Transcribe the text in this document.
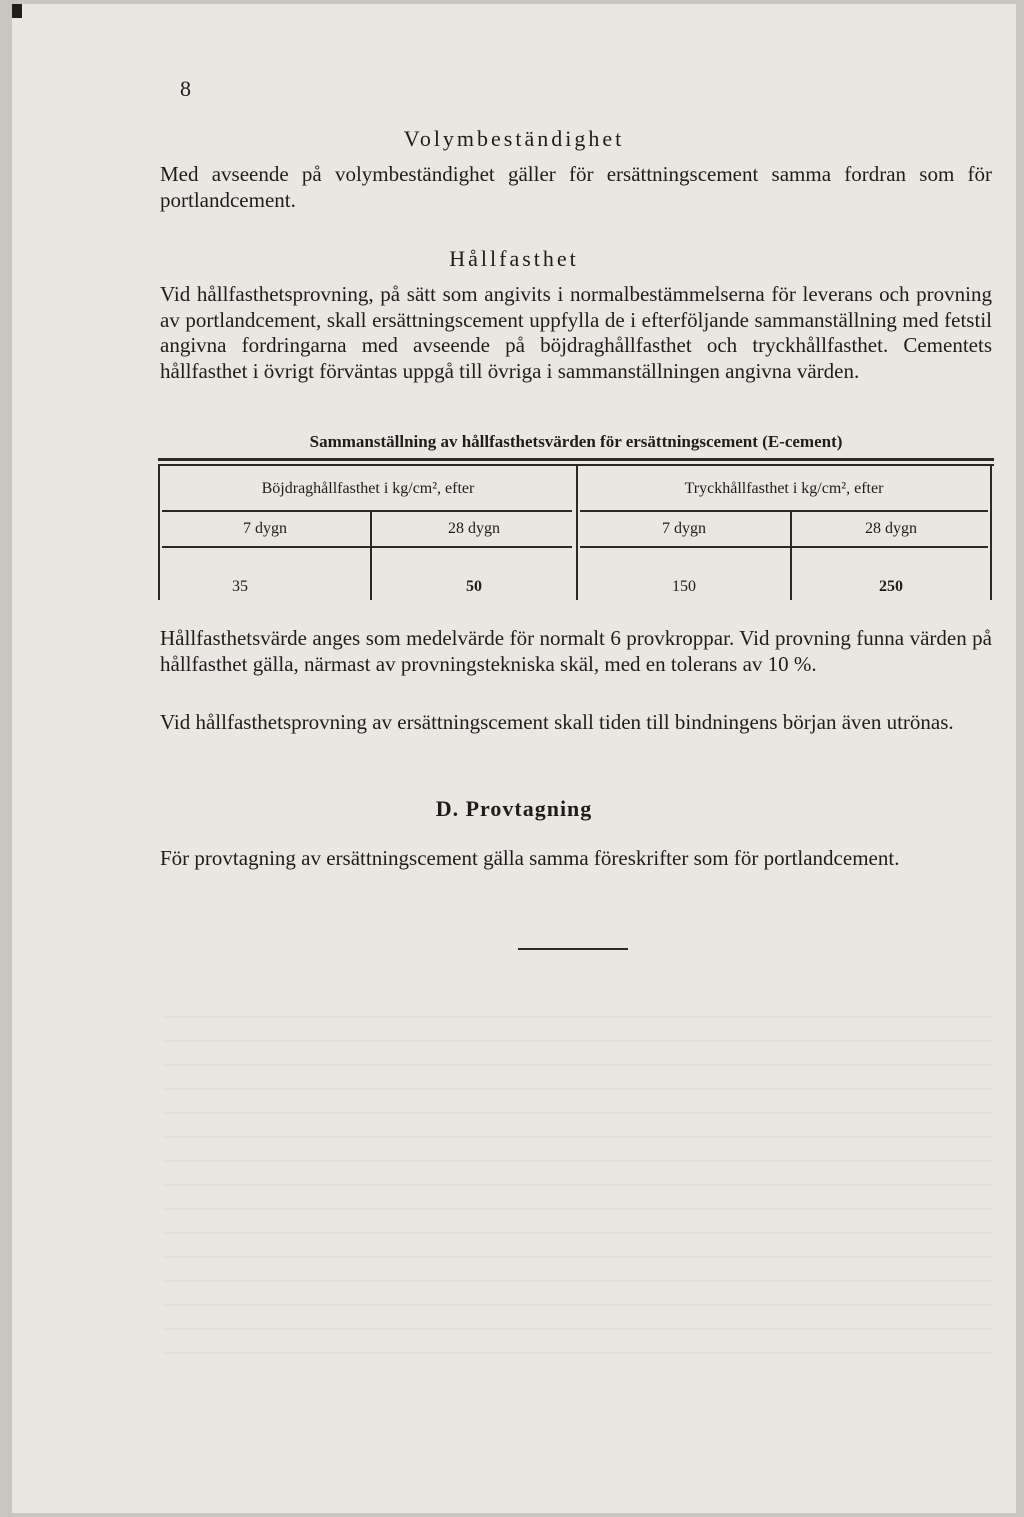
8
Volymbeständighet
Med avseende på volymbeständighet gäller för ersättningscement samma fordran som för portlandcement.
Hållfasthet
Vid hållfasthetsprovning, på sätt som angivits i normalbestämmelserna för leverans och provning av portlandcement, skall ersättningscement uppfylla de i efterföljande sammanställning med fetstil angivna fordringarna med avseende på böjdraghållfasthet och tryckhållfasthet. Cementets hållfasthet i övrigt förväntas uppgå till övriga i sammanställningen angivna värden.
Sammanställning av hållfasthetsvärden för ersättningscement (E-cement)
Böjdraghållfasthet i kg/cm², efter	Tryckhållfasthet i kg/cm², efter
7 dygn	28 dygn	7 dygn	28 dygn
35	50	150	250
Hållfasthetsvärde anges som medelvärde för normalt 6 provkroppar. Vid provning funna värden på hållfasthet gälla, närmast av provningstekniska skäl, med en tolerans av 10 %.
Vid hållfasthetsprovning av ersättningscement skall tiden till bindningens början även utrönas.
D. Provtagning
För provtagning av ersättningscement gälla samma föreskrifter som för portlandcement.
